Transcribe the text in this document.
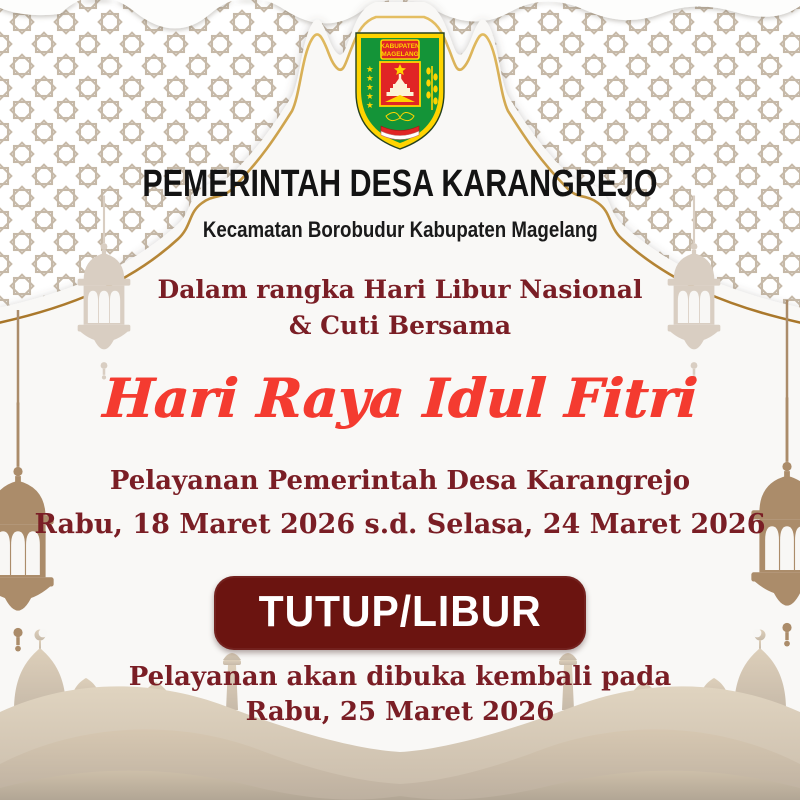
KABUPATEN
MAGELANG
★
★
★
★
★
PEMERINTAH DESA KARANGREJO
Kecamatan Borobudur Kabupaten Magelang
Dalam rangka Hari Libur Nasional
& Cuti Bersama
Hari Raya Idul Fitri
Pelayanan Pemerintah Desa Karangrejo
Rabu, 18 Maret 2026 s.d. Selasa, 24 Maret 2026
TUTUP/LIBUR
Pelayanan akan dibuka kembali pada
Rabu, 25 Maret 2026
